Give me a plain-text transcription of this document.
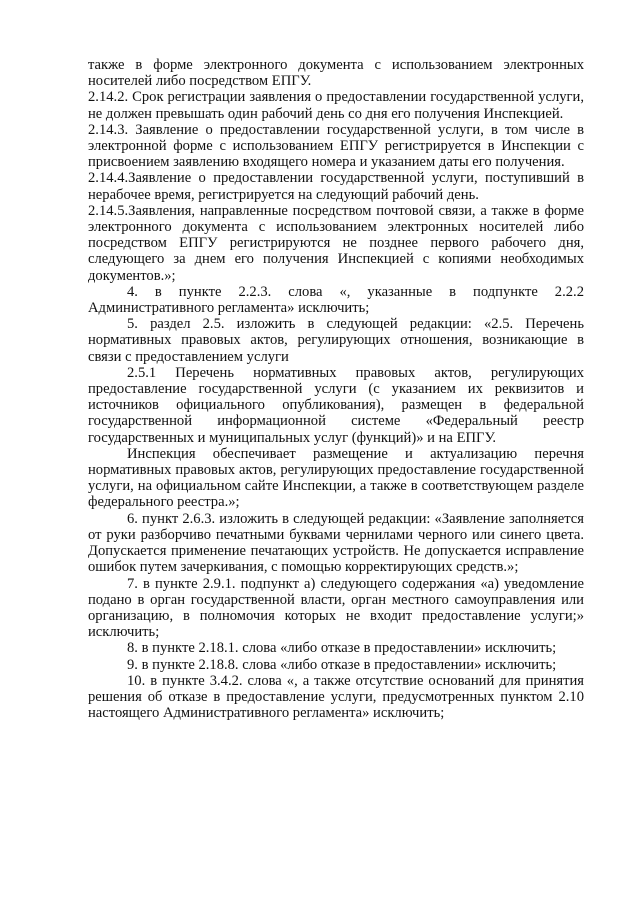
также в форме электронного документа с использованием электронных носителей либо посредством ЕПГУ.

2.14.2. Срок регистрации заявления о предоставлении государственной услуги, не должен превышать один рабочий день со дня его получения Инспекцией.

2.14.3. Заявление о предоставлении государственной услуги, в том числе в электронной форме с использованием ЕПГУ регистрируется в Инспекции с присвоением заявлению входящего номера и указанием даты его получения.

2.14.4.Заявление о предоставлении государственной услуги, поступивший в нерабочее время, регистрируется на следующий рабочий день.

2.14.5.Заявления, направленные посредством почтовой связи, а также в форме электронного документа с использованием электронных носителей либо посредством ЕПГУ регистрируются не позднее первого рабочего дня, следующего за днем его получения Инспекцией с копиями необходимых документов.»;

4. в пункте 2.2.3. слова «, указанные в подпункте 2.2.2 Административного регламента» исключить;

5. раздел 2.5. изложить в следующей редакции: «2.5. Перечень нормативных правовых актов, регулирующих отношения, возникающие в связи с предоставлением услуги

2.5.1 Перечень нормативных правовых актов, регулирующих предоставление государственной услуги (с указанием их реквизитов и источников официального опубликования), размещен в федеральной государственной информационной системе «Федеральный реестр государственных и муниципальных услуг (функций)» и на ЕПГУ.

Инспекция обеспечивает размещение и актуализацию перечня нормативных правовых актов, регулирующих предоставление государственной услуги, на официальном сайте Инспекции, а также в соответствующем разделе федерального реестра.»;

6. пункт 2.6.3. изложить в следующей редакции: «Заявление заполняется от руки разборчиво печатными буквами чернилами черного или синего цвета. Допускается применение печатающих устройств. Не допускается исправление ошибок путем зачеркивания, с помощью корректирующих средств.»;

7. в пункте 2.9.1. подпункт а) следующего содержания «а) уведомление подано в орган государственной власти, орган местного самоуправления или организацию, в полномочия которых не входит предоставление услуги;» исключить;

8. в пункте 2.18.1. слова «либо отказе в предоставлении» исключить;

9. в пункте 2.18.8. слова «либо отказе в предоставлении» исключить;

10. в пункте 3.4.2. слова «, а также отсутствие оснований для принятия решения об отказе в предоставление услуги, предусмотренных пунктом 2.10 настоящего Административного регламента» исключить;
